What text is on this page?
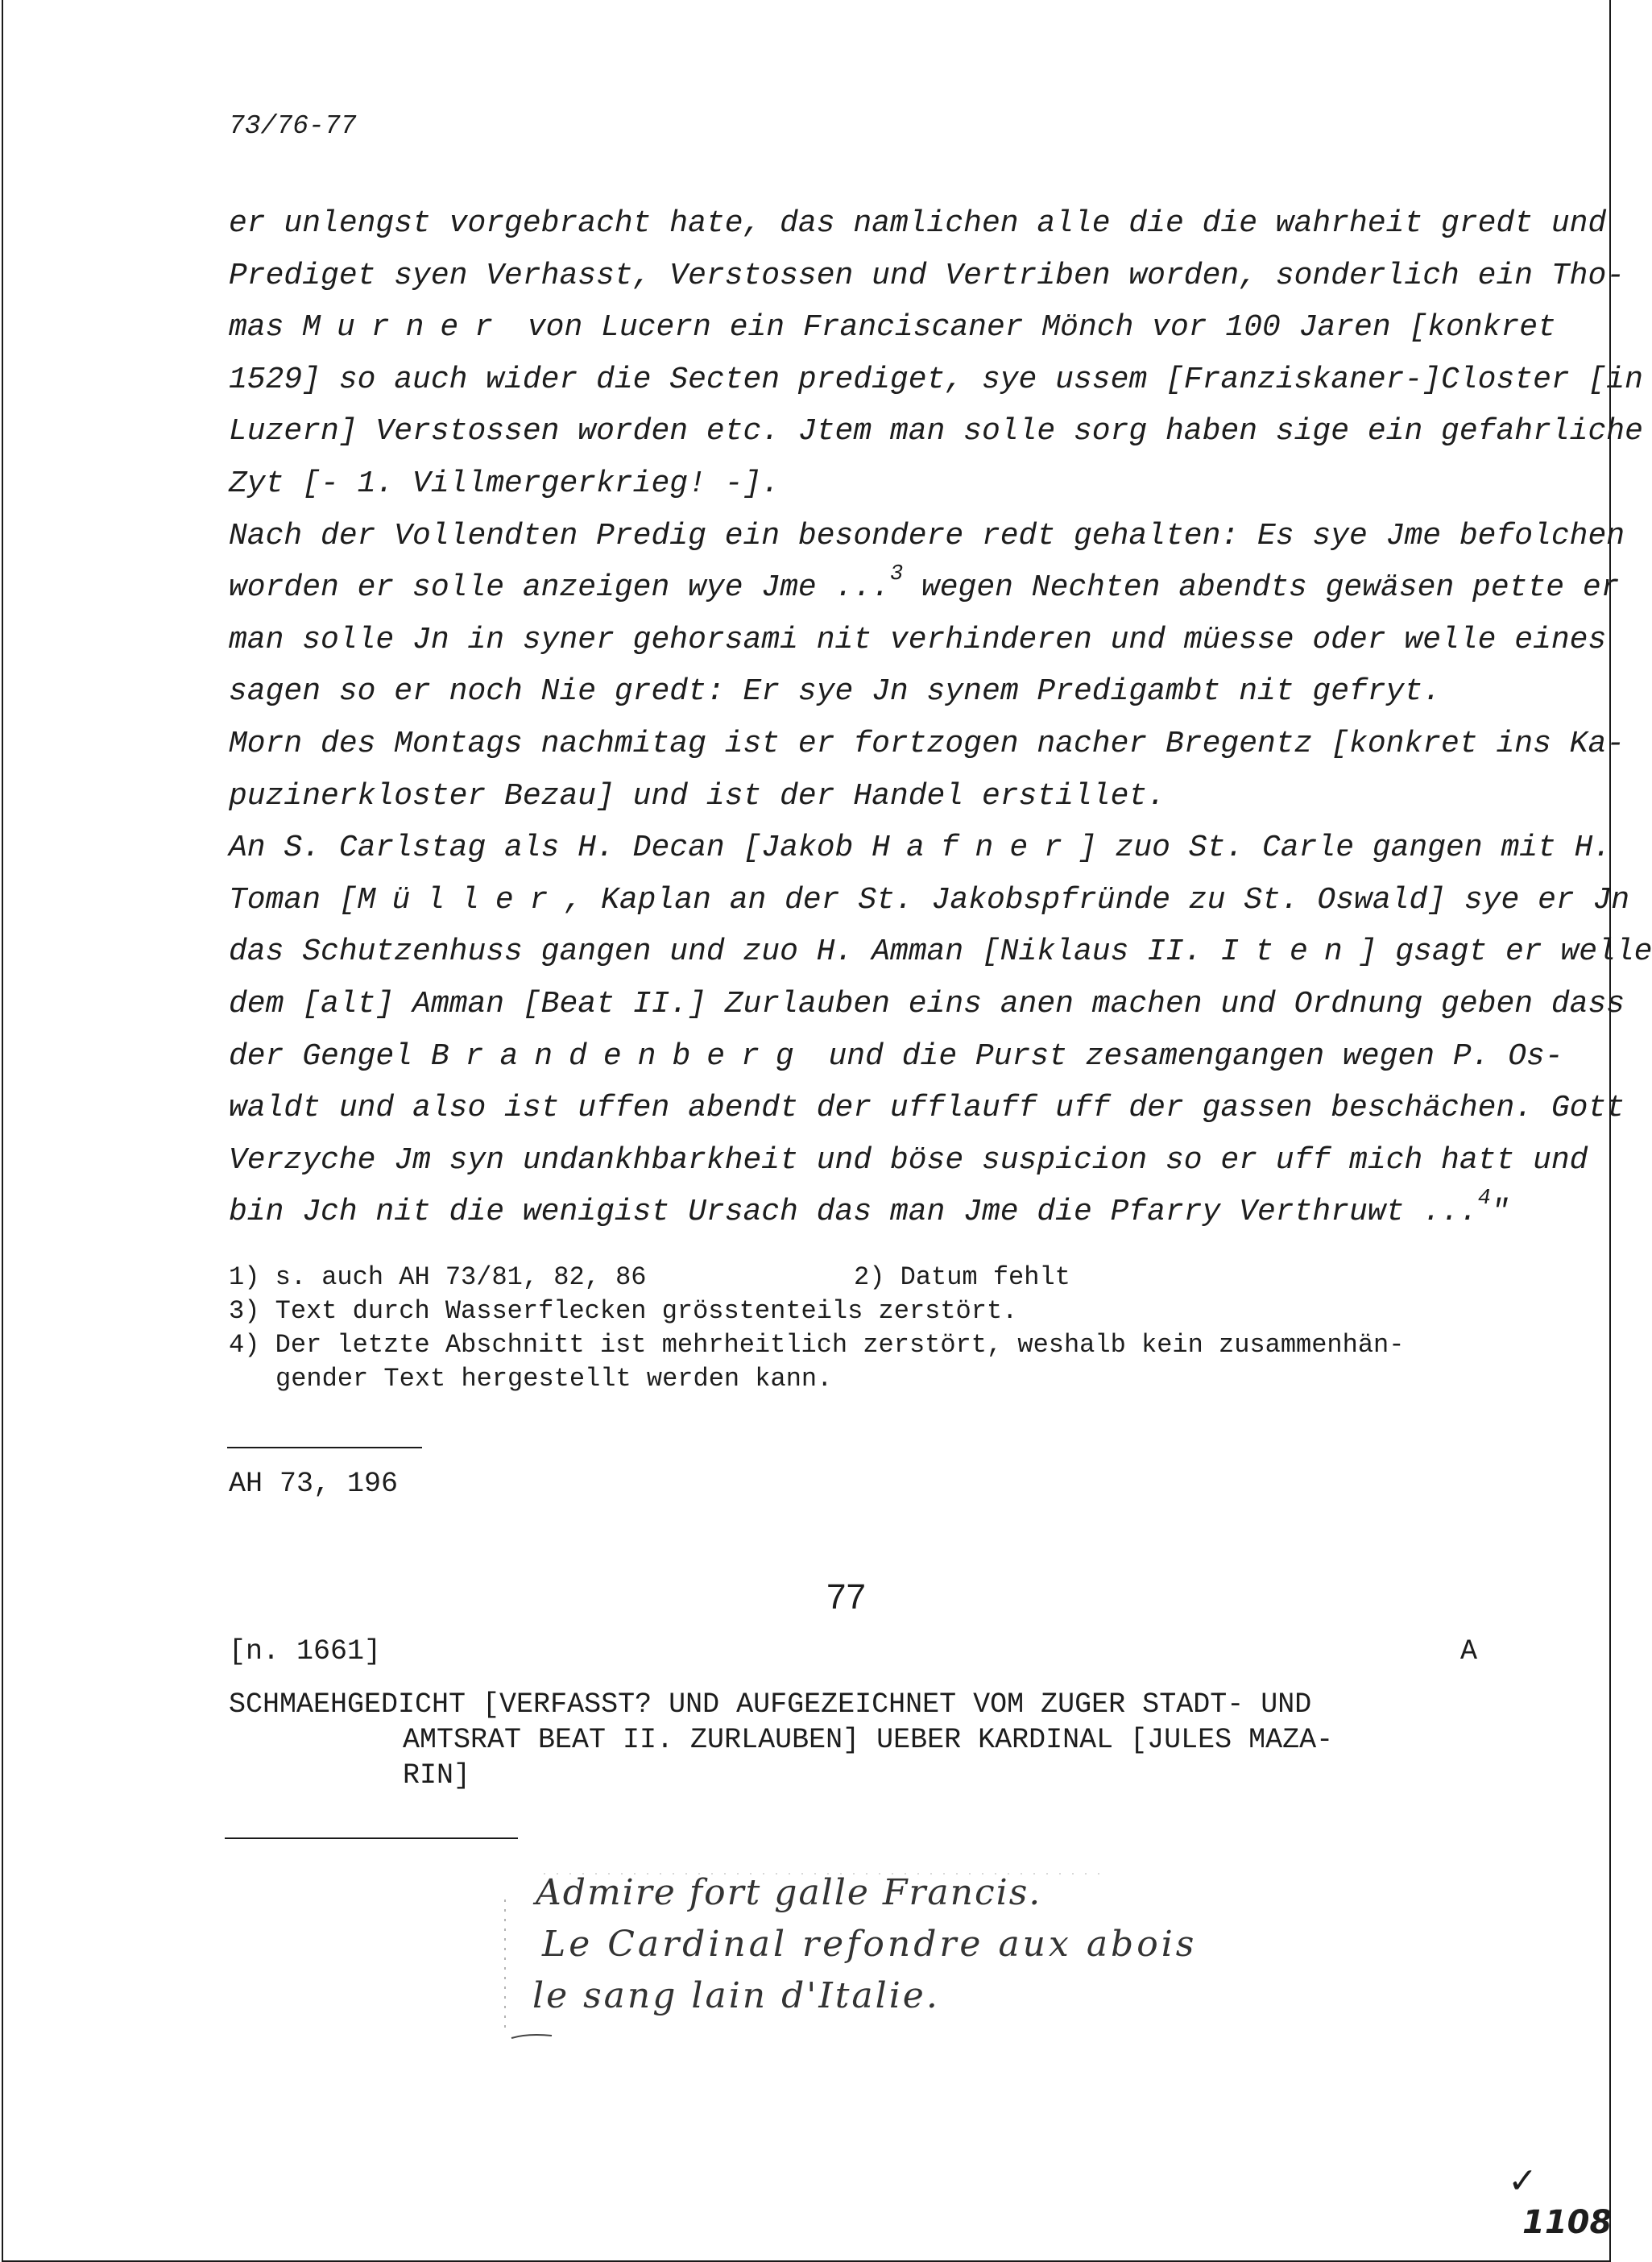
73/76-77
er unlengst vorgebracht hate, das namlichen alle die die wahrheit gredt und
Prediget syen Verhasst, Verstossen und Vertriben worden, sonderlich ein Tho-
mas Murner von Lucern ein Franciscaner Mönch vor 100 Jaren [konkret
1529] so auch wider die Secten prediget, sye ussem [Franziskaner-]Closter [in
Luzern] Verstossen worden etc. Jtem man solle sorg haben sige ein gefahrliche
Zyt [- 1. Villmergerkrieg! -].
Nach der Vollendten Predig ein besondere redt gehalten: Es sye Jme befolchen
worden er solle anzeigen wye Jme ...$^3$ wegen Nechten abendts gewäsen pette er
man solle Jn in syner gehorsami nit verhinderen und müesse oder welle eines
sagen so er noch Nie gredt: Er sye Jn synem Predigambt nit gefryt.
Morn des Montags nachmitag ist er fortzogen nacher Bregentz [konkret ins Ka-
puzinerkloster Bezau] und ist der Handel erstillet.
An S. Carlstag als H. Decan [Jakob Hafner] zuo St. Carle gangen mit H.
Toman [Müller, Kaplan an der St. Jakobspfründe zu St. Oswald] sye er Jn
das Schutzenhuss gangen und zuo H. Amman [Niklaus II. Iten] gsagt er welle
dem [alt] Amman [Beat II.] Zurlauben eins anen machen und Ordnung geben dass
der Gengel Brandenberg und die Purst zesamengangen wegen P. Os-
waldt und also ist uffen abendt der ufflauff uff der gassen beschächen. Gott
Verzyche Jm syn undankhbarkheit und böse suspicion so er uff mich hatt und
bin Jch nit die wenigist Ursach das man Jme die Pfarry Verthruwt ...$^4$"
1) s. auch AH 73/81, 82, 86	2) Datum fehlt
3) Text durch Wasserflecken grösstenteils zerstört.
4) Der letzte Abschnitt ist mehrheitlich zerstört, weshalb kein zusammenhän-
gender Text hergestellt werden kann.
AH 73, 196
77
[n. 1661]	A
SCHMAEHGEDICHT [VERFASST? UND AUFGEZEICHNET VOM ZUGER STADT- UND
AMTSRAT BEAT II. ZURLAUBEN] UEBER KARDINAL [JULES MAZA-
RIN]
Admire fort galle Francis.
Le Cardinal refondre aux abois
le sang lain d'Italie.
✓
1108
